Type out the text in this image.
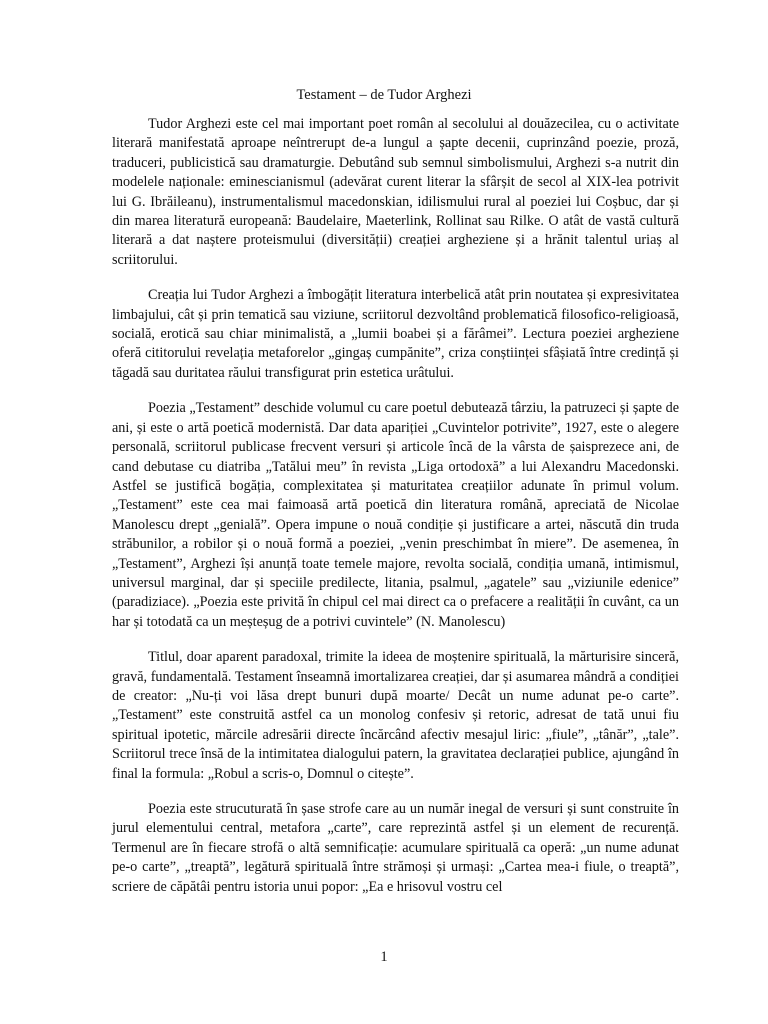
Testament – de Tudor Arghezi

Tudor Arghezi este cel mai important poet român al secolului al douăzecilea, cu o activitate literară manifestată aproape neîntrerupt de-a lungul a șapte decenii, cuprinzând poezie, proză, traduceri, publicistică sau dramaturgie. Debutând sub semnul simbolismului, Arghezi s-a nutrit din modelele naționale: eminescianismul (adevărat curent literar la sfârșit de secol al XIX-lea potrivit lui G. Ibrăileanu), instrumentalismul macedonskian, idilismului rural al poeziei lui Coșbuc, dar și din marea literatură europeană: Baudelaire, Maeterlink, Rollinat sau Rilke. O atât de vastă cultură literară a dat naștere proteismului (diversității) creației argheziene și a hrănit talentul uriaș al scriitorului.

Creația lui Tudor Arghezi a îmbogățit literatura interbelică atât prin noutatea și expresivitatea limbajului, cât și prin tematică sau viziune, scriitorul dezvoltând problematică filosofico-religioasă, socială, erotică sau chiar minimalistă, a „lumii boabei și a fărâmei”. Lectura poeziei argheziene oferă cititorului revelația metaforelor „gingaș cumpănite”, criza conștiinței sfâșiată între credință și tăgadă sau duritatea răului transfigurat prin estetica urâtului.

Poezia „Testament” deschide volumul cu care poetul debutează târziu, la patruzeci și șapte de ani, și este o artă poetică modernistă. Dar data apariției „Cuvintelor potrivite”, 1927, este o alegere personală, scriitorul publicase frecvent versuri și articole încă de la vârsta de șaisprezece ani, de cand debutase cu diatriba „Tatălui meu” în revista „Liga ortodoxă” a lui Alexandru Macedonski. Astfel se justifică bogăția, complexitatea și maturitatea creațiilor adunate în primul volum. „Testament” este cea mai faimoasă artă poetică din literatura română, apreciată de Nicolae Manolescu drept „genială”. Opera impune o nouă condiție și justificare a artei, născută din truda străbunilor, a robilor și o nouă formă a poeziei, „venin preschimbat în miere”. De asemenea, în „Testament”, Arghezi își anunță toate temele majore, revolta socială, condiția umană, intimismul, universul marginal, dar și speciile predilecte, litania, psalmul, „agatele” sau „viziunile edenice” (paradiziace). „Poezia este privită în chipul cel mai direct ca o prefacere a realității în cuvânt, ca un har și totodată ca un meșteșug de a potrivi cuvintele” (N. Manolescu)

Titlul, doar aparent paradoxal, trimite la ideea de moștenire spirituală, la mărturisire sinceră, gravă, fundamentală. Testament înseamnă imortalizarea creației, dar și asumarea mândră a condiției de creator: „Nu-ți voi lăsa drept bunuri după moarte/ Decât un nume adunat pe-o carte”. „Testament” este construită astfel ca un monolog confesiv și retoric, adresat de tată unui fiu spiritual ipotetic, mărcile adresării directe încărcând afectiv mesajul liric: „fiule”, „tânăr”, „tale”. Scriitorul trece însă de la intimitatea dialogului patern, la gravitatea declarației publice, ajungând în final la formula: „Robul a scris-o, Domnul o citește”.

Poezia este strucuturată în șase strofe care au un număr inegal de versuri și sunt construite în jurul elementului central, metafora „carte”, care reprezintă astfel și un element de recurență. Termenul are în fiecare strofă o altă semnificație: acumulare spirituală ca operă: „un nume adunat pe-o carte”, „treaptă”, legătură spirituală între strămoși și urmași: „Cartea mea-i fiule, o treaptă”, scriere de căpătâi pentru istoria unui popor: „Ea e hrisovul vostru cel

1
